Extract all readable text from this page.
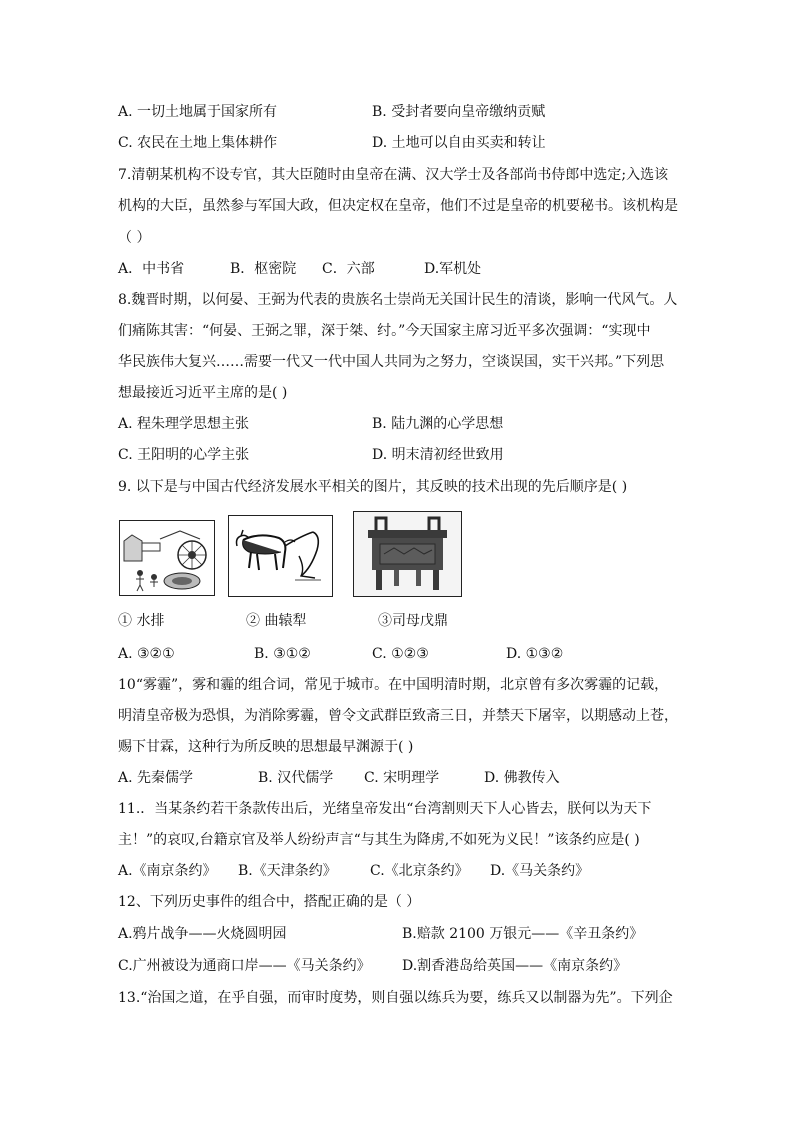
A. 一切土地属于国家所有	B. 受封者要向皇帝缴纳贡赋
C. 农民在土地上集体耕作	D. 土地可以自由买卖和转让
7.清朝某机构不设专官，其大臣随时由皇帝在满、汉大学士及各部尚书侍郎中选定;入选该
机构的大臣，虽然参与军国大政，但决定权在皇帝，他们不过是皇帝的机要秘书。该机构是
（ ）
A．中书省	B．枢密院 C．六部	D.军机处
8.魏晋时期，以何晏、王弼为代表的贵族名士崇尚无关国计民生的清谈，影响一代风气。人
们痛陈其害：“何晏、王弼之罪，深于桀、纣。”今天国家主席习近平多次强调：“实现中
华民族伟大复兴……需要一代又一代中国人共同为之努力，空谈误国，实干兴邦。”下列思
想最接近习近平主席的是( )
A. 程朱理学思想主张	B. 陆九渊的心学思想
C. 王阳明的心学主张	D. 明末清初经世致用
9. 以下是与中国古代经济发展水平相关的图片，其反映的技术出现的先后顺序是( )
① 水排	② 曲辕犁	③司母戊鼎
A. ③②①	B. ③①②	C. ①②③	D. ①③②
10“雾霾”，雾和霾的组合词，常见于城市。在中国明清时期，北京曾有多次雾霾的记载，
明清皇帝极为恐惧，为消除雾霾，曾令文武群臣致斋三日，并禁天下屠宰，以期感动上苍，
赐下甘霖，这种行为所反映的思想最早渊源于( )
A. 先秦儒学	B. 汉代儒学 C. 宋明理学	D. 佛教传入
11.．当某条约若干条款传出后，光绪皇帝发出“台湾割则天下人心皆去，朕何以为天下
主！”的哀叹,台籍京官及举人纷纷声言“与其生为降虏,不如死为义民！”该条约应是( )
A.《南京条约》 B.《天津条约》 C.《北京条约》 D.《马关条约》
12、下列历史事件的组合中，搭配正确的是（ ）
A.鸦片战争——火烧圆明园	B.赔款 2100 万银元——《辛丑条约》
C.广州被设为通商口岸——《马关条约》 D.割香港岛给英国——《南京条约》
13.“治国之道，在乎自强，而审时度势，则自强以练兵为要，练兵又以制器为先”。下列企
